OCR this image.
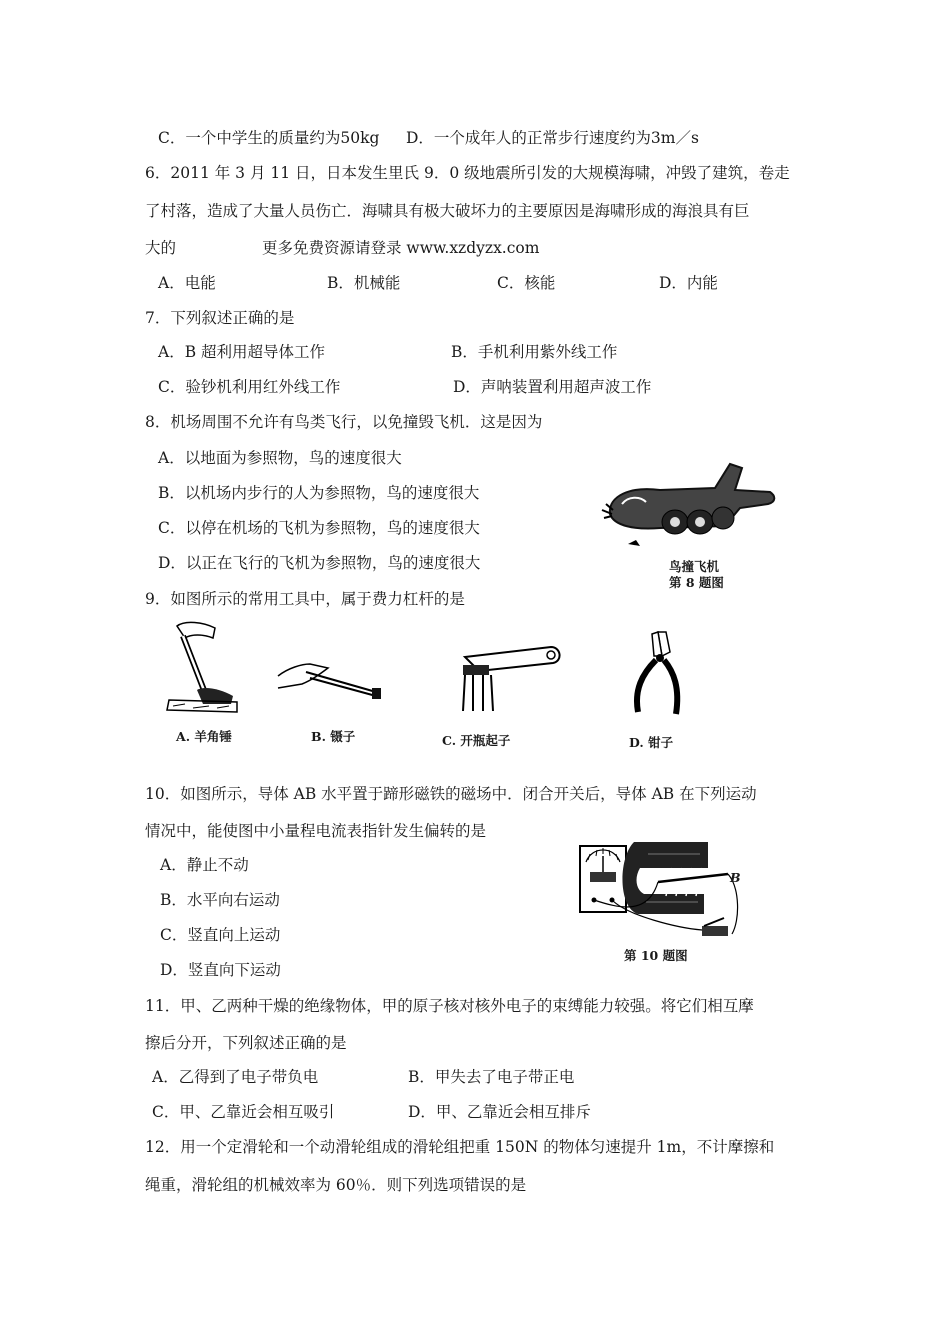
C．一个中学生的质量约为50kg D．一个成年人的正常步行速度约为3m／s
6．2011 年 3 月 11 日，日本发生里氏 9．0 级地震所引发的大规模海啸，冲毁了建筑，卷走
了村落，造成了大量人员伤亡．海啸具有极大破坏力的主要原因是海啸形成的海浪具有巨
大的	更多免费资源请登录 www.xzdyzx.com
A．电能	B．机械能	C．核能	D．内能
7．下列叙述正确的是
A．B 超利用超导体工作	B．手机利用紫外线工作
C．验钞机利用红外线工作	D．声呐装置利用超声波工作
8．机场周围不允许有鸟类飞行，以免撞毁飞机．这是因为
A．以地面为参照物，鸟的速度很大
B．以机场内步行的人为参照物，鸟的速度很大
C．以停在机场的飞机为参照物，鸟的速度很大
D．以正在飞行的飞机为参照物，鸟的速度很大	鸟撞飞机
第 8 题图
9．如图所示的常用工具中，属于费力杠杆的是
A. 羊角锤	B. 镊子	C. 开瓶起子	D. 钳子
10．如图所示，导体 AB 水平置于蹄形磁铁的磁场中．闭合开关后，导体 AB 在下列运动
情况中，能使图中小量程电流表指针发生偏转的是
A．静止不动
B．水平向右运动
C．竖直向上运动
D．竖直向下运动
B
第 10 题图
11．甲、乙两种干燥的绝缘物体，甲的原子核对核外电子的束缚能力较强。将它们相互摩
擦后分开，下列叙述正确的是
A．乙得到了电子带负电	B．甲失去了电子带正电
C．甲、乙靠近会相互吸引	D．甲、乙靠近会相互排斥
12．用一个定滑轮和一个动滑轮组成的滑轮组把重 150N 的物体匀速提升 1m，不计摩擦和
绳重，滑轮组的机械效率为 60％．则下列选项错误的是
